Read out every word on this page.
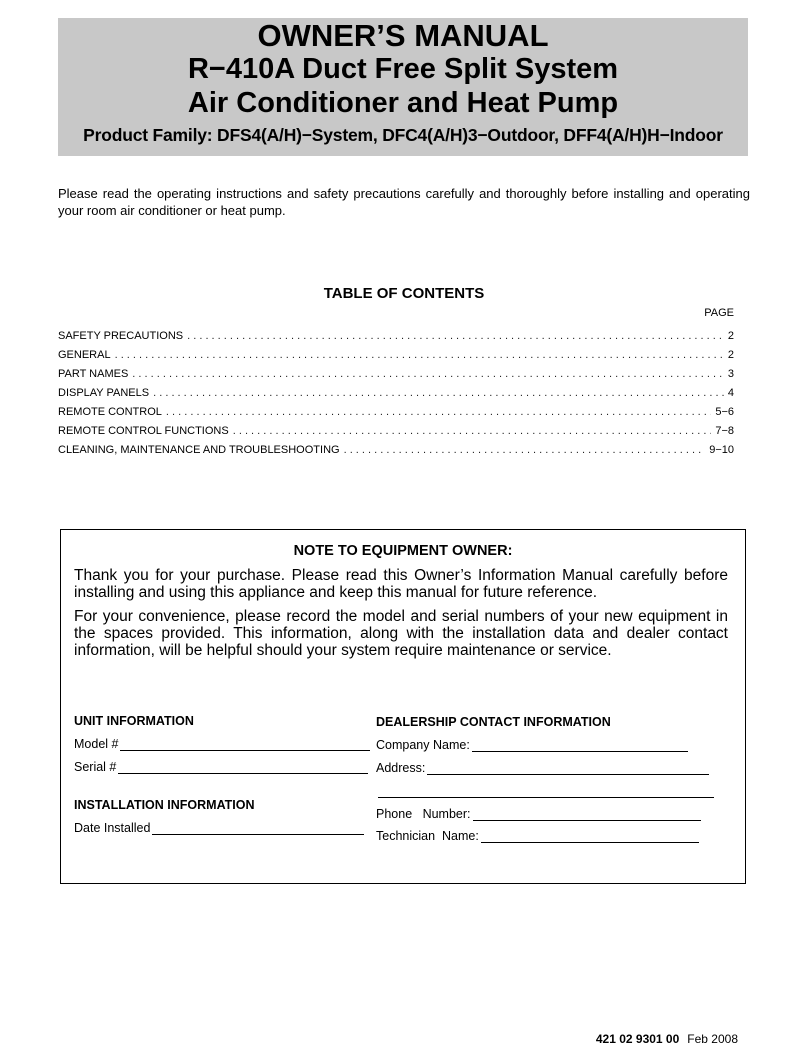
OWNER’S MANUAL
R−410A Duct Free Split System
Air Conditioner and Heat Pump
Product Family: DFS4(A/H)−System, DFC4(A/H)3−Outdoor, DFF4(A/H)H−Indoor
Please read the operating instructions and safety precautions carefully and thoroughly before installing and operating your room air conditioner or heat pump.
TABLE OF CONTENTS
PAGE
SAFETY PRECAUTIONS . . .	2
GENERAL . . .	2
PART NAMES . . .	3
DISPLAY PANELS . . .	4
REMOTE CONTROL . . .	5−6
REMOTE CONTROL FUNCTIONS . . .	7−8
CLEANING, MAINTENANCE AND TROUBLESHOOTING . . .	9−10
NOTE TO EQUIPMENT OWNER:
Thank you for your purchase. Please read this Owner’s Information Manual carefully before installing and using this appliance and keep this manual for future reference.
For your convenience, please record the model and serial numbers of your new equipment in the spaces provided. This information, along with the installation data and dealer contact information, will be helpful should your system require maintenance or service.
UNIT INFORMATION
Model #
Serial #
INSTALLATION INFORMATION
Date Installed
DEALERSHIP CONTACT INFORMATION
Company Name:
Address:
Phone   Number:
Technician  Name:
421 02 9301 00 Feb 2008
